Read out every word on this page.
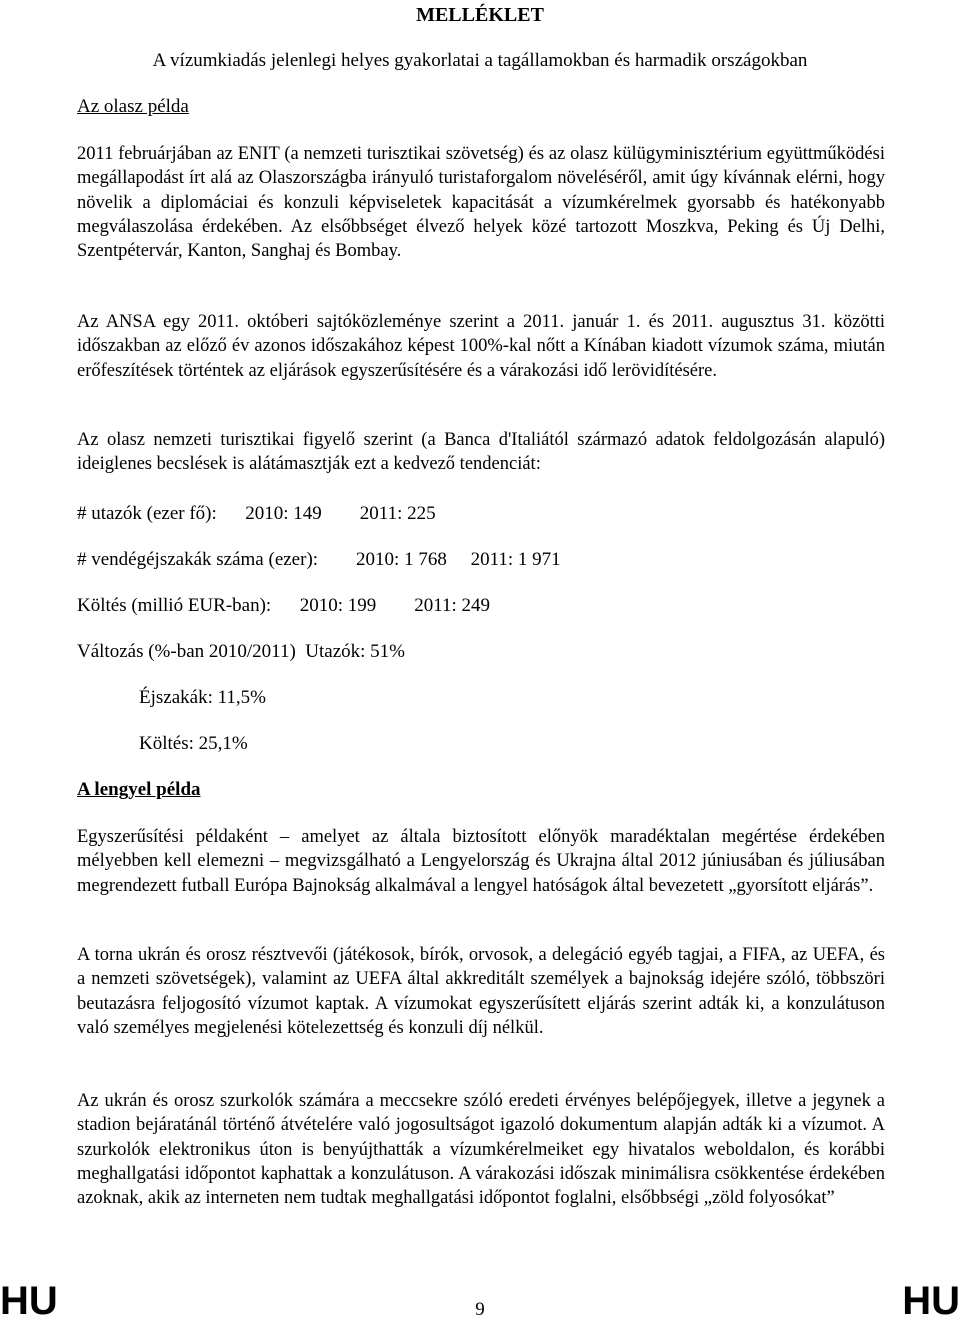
MELLÉKLET

A vízumkiadás jelenlegi helyes gyakorlatai a tagállamokban és harmadik országokban

Az olasz példa

2011 februárjában az ENIT (a nemzeti turisztikai szövetség) és az olasz külügyminisztérium együttműködési megállapodást írt alá az Olaszországba irányuló turistaforgalom növeléséről, amit úgy kívánnak elérni, hogy növelik a diplomáciai és konzuli képviseletek kapacitását a vízumkérelmek gyorsabb és hatékonyabb megválaszolása érdekében. Az elsőbbséget élvező helyek közé tartozott Moszkva, Peking és Új Delhi, Szentpétervár, Kanton, Sanghaj és Bombay.

Az ANSA egy 2011. októberi sajtóközleménye szerint a 2011. január 1. és 2011. augusztus 31. közötti időszakban az előző év azonos időszakához képest 100%-kal nőtt a Kínában kiadott vízumok száma, miután erőfeszítések történtek az eljárások egyszerűsítésére és a várakozási idő lerövidítésére.

Az olasz nemzeti turisztikai figyelő szerint (a Banca d'Italiától származó adatok feldolgozásán alapuló) ideiglenes becslések is alátámasztják ezt a kedvező tendenciát:

# utazók (ezer fő):      2010: 149        2011: 225

# vendégéjszakák száma (ezer):        2010: 1 768     2011: 1 971

Költés (millió EUR-ban):      2010: 199        2011: 249

Változás (%-ban 2010/2011)  Utazók: 51%

Éjszakák: 11,5%

Költés: 25,1%

A lengyel példa

Egyszerűsítési példaként – amelyet az általa biztosított előnyök maradéktalan megértése érdekében mélyebben kell elemezni – megvizsgálható a Lengyelország és Ukrajna által 2012 júniusában és júliusában megrendezett futball Európa Bajnokság alkalmával a lengyel hatóságok által bevezetett „gyorsított eljárás”.

A torna ukrán és orosz résztvevői (játékosok, bírók, orvosok, a delegáció egyéb tagjai, a FIFA, az UEFA, és a nemzeti szövetségek), valamint az UEFA által akkreditált személyek a bajnokság idejére szóló, többszöri beutazásra feljogosító vízumot kaptak. A vízumokat egyszerűsített eljárás szerint adták ki, a konzulátuson való személyes megjelenési kötelezettség és konzuli díj nélkül.

Az ukrán és orosz szurkolók számára a meccsekre szóló eredeti érvényes belépőjegyek, illetve a jegynek a stadion bejáratánál történő átvételére való jogosultságot igazoló dokumentum alapján adták ki a vízumot. A szurkolók elektronikus úton is benyújthatták a vízumkérelmeiket egy hivatalos weboldalon, és korábbi meghallgatási időpontot kaphattak a konzulátuson. A várakozási időszak minimálisra csökkentése érdekében azoknak, akik az interneten nem tudtak meghallgatási időpontot foglalni, elsőbbségi „zöld folyosókat”

HU	9	HU
